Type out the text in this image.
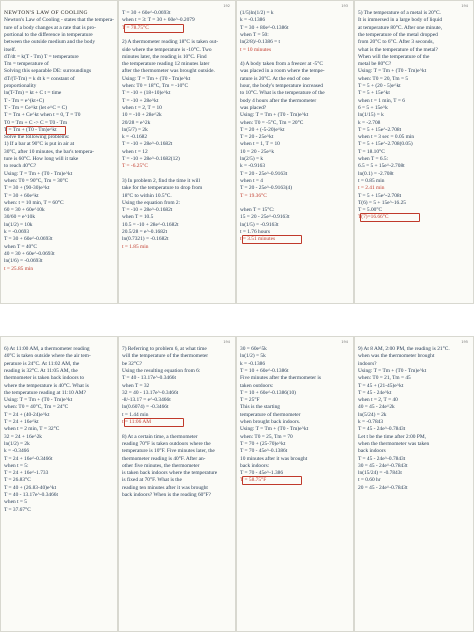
NEWTON'S LAW OF COOLING
Newton's Law of Cooling - states that the tempera-
ture of a body changes at a rate that is pro-
portional to the difference in temperature
between the outside medium and the body
itself.
dT/dt = k(T - Tm) T = temperature
Tm = temperature of
Solving this separable DE: surroundings
dT/(T-Tm) = k dt k = constant of
proportionality
ln(T-Tm) = kt + C t = time
T - Tm = e^(kt+C)
T - Tm = Ce^kt (let e^C = C)
T = Tm + Ce^kt when t = 0, T = T0
T0 = Tm + C -> C = T0 - Tm
T = Tm + (T0 - Tm)e^kt
Solve the following problems:
1) If a bar at 90°C is put in air at
30°C, after 10 minutes, the bar's tempera-
ture is 60°C. How long will it take
to reach 40°C?
Using: T = Tm + (T0 - Tm)e^kt
when: T0 = 90°C, Tm = 30°C
T = 30 + (90-30)e^kt
T = 30 + 60e^kt
when: t = 10 min, T = 60°C
60 = 30 + 60e^10k
30/60 = e^10k
ln(1/2) = 10k
k = -0.0693
T = 30 + 60e^-0.0693t
when T = 40°C
40 = 30 + 60e^-0.0693t
ln(1/6) = -0.0693t
t = 25.85 min
192
T = 30 + 60e^-0.0693t
when t = 3: T = 30 + 60e^-0.2079
T = 78.75°C
2) A thermometer reading 18°C is taken out-
side where the temperature is -10°C. Two
minutes later, the reading is 10°C. Find
the temperature reading 12 minutes later
after the thermometer was brought outside.
Using: T = Tm + (T0 - Tm)e^kt
when: T0 = 18°C, Tm = -10°C
T = -10 + (18+10)e^kt
T = -10 + 28e^kt
when t = 2, T = 10
10 = -10 + 28e^2k
20/28 = e^2k
ln(5/7) = 2k
k = -0.1682
T = -10 + 28e^-0.1682t
when t = 12
T = -10 + 28e^-0.1682(12)
T = -6.25°C
3) In problem 2, find the time it will
take for the temperature to drop from
18°C to within 10.5°C.
Using the equation from 2:
T = -10 + 28e^-0.1682t
when T = 10.5
10.5 = -10 + 28e^-0.1682t
20.5/28 = e^-0.1682t
ln(0.7321) = -0.1682t
t = 1.85 min
193
(1/5)ln(1/2) = k
k = -0.1386
T = 30 + 80e^-0.1386t
when T = 50:
ln(2/8)/-0.1386 = t
t = 10 minutes
4) A body taken from a freezer at -5°C
was placed in a room where the tempe-
rature is 20°C. At the end of one
hour, the body's temperature increased
to 10°C. What is the temperature of the
body 4 hours after the thermometer
was placed?
Using: T = Tm + (T0 - Tm)e^kt
when: T0 = -5°C, Tm = 20°C
T = 20 + (-5-20)e^kt
T = 20 - 25e^kt
when t = 1, T = 10
10 = 20 - 25e^k
ln(2/5) = k
k = -0.9163
T = 20 - 25e^-0.9163t
when t = 4
T = 20 - 25e^-0.9163(4)
T = 19.36°C
when T = 15°C:
15 = 20 - 25e^-0.9163t
ln(1/5) = -0.9163t
t = 1.76 hours
t = 3.51 minutes
194
5) The temperature of a metal is 20°C.
It is immersed in a large body of liquid
at temperature 80°C. After one minute,
the temperature of the metal dropped
from 20°C to 6°C. After 3 seconds,
what is the temperature of the metal?
When will the temperature of the
metal be 80°C?
Using: T = Tm + (T0 - Tm)e^kt
when: T0 = 20, Tm = 5
T = 5 + (20 - 5)e^kt
T = 5 + 15e^kt
when t = 1 min, T = 6
6 = 5 + 15e^k
ln(1/15) = k
k = -2.708
T = 5 + 15e^-2.708t
when t = 3 sec = 0.05 min
T = 5 + 15e^-2.708(0.05)
T = 18.10°C
when T = 6.5:
6.5 = 5 + 15e^-2.708t
ln(0.1) = -2.708t
t = 0.85 min
t = 2.41 min
T = 5 + 15e^-2.708t
T(6) = 5 + 15e^-16.25
T = 5.00°C
T(7)=16.66°C
6) At 11:00 AM, a thermometer reading
40°C is taken outside where the air tem-
perature is 24°C. At 11:02 AM, the
reading is 32°C. At 11:05 AM, the
thermometer is taken back indoors to
where the temperature is 40°C. What is
the temperature reading at 11:10 AM?
Using: T = Tm + (T0 - Tm)e^kt
when: T0 = 40°C, Tm = 24°C
T = 24 + (40-24)e^kt
T = 24 + 16e^kt
when t = 2 min, T = 32°C
32 = 24 + 16e^2k
ln(1/2) = 2k
k = -0.3466
T = 24 + 16e^-0.3466t
when t = 5:
T = 24 + 16e^-1.733
T = 26.83°C
T = 40 + (26.83-40)e^kt
T = 40 - 13.17e^-0.3466t
when t = 5
T = 37.67°C
194
7) Referring to problem 6, at what time
will the temperature of the thermometer
be 32°C?
Using the resulting equation from 6:
T = 40 - 13.17e^-0.3466t
when T = 32
32 = 40 - 13.17e^-0.3466t
-8/-13.17 = e^-0.3466t
ln(0.6074) = -0.3466t
t = 1.44 min
t = 11:06 AM
8) At a certain time, a thermometer
reading 70°F is taken outdoors where the
temperature is 10°F. Five minutes later, the
thermometer reading is 40°F. After an-
other five minutes, the thermometer
is taken back indoors where the temperature
is fixed at 70°F. What is the
reading ten minutes after it was brought
back indoors? When is the reading 60°F?
194
30 = 60e^5k
ln(1/2) = 5k
k = -0.1386
T = 10 + 60e^-0.1386t
Five minutes after the thermometer is
taken outdoors:
T = 10 + 60e^-0.1386(10)
T = 25°F
This is the starting
temperature of thermometer
when brought back indoors.
Using: T = Tm + (T0 - Tm)e^kt
when: T0 = 25, Tm = 70
T = 70 + (25-70)e^kt
T = 70 - 45e^-0.1386t
10 minutes after it was brought
back indoors:
T = 70 - 45e^-1.386
T = 58.75°F
195
9) At 8 AM, 2:00 PM, the reading is 21°C.
when was the thermometer brought
indoors?
Using: T = Tm + (T0 - Tm)e^kt
when: T0 = 21, Tm = 45
T = 45 + (21-45)e^kt
T = 45 - 24e^kt
when t = 2, T = 40
40 = 45 - 24e^2k
ln(5/24) = 2k
k = -0.7843
T = 45 - 24e^-0.7843t
Let t be the time after 2:00 PM,
when the thermometer was taken
back indoors
T = 45 - 24e^-0.7843t
30 = 45 - 24e^-0.7843t
ln(15/24) = -0.7843t
t = 0.60 hr
20 = 45 - 24e^-0.7843t
